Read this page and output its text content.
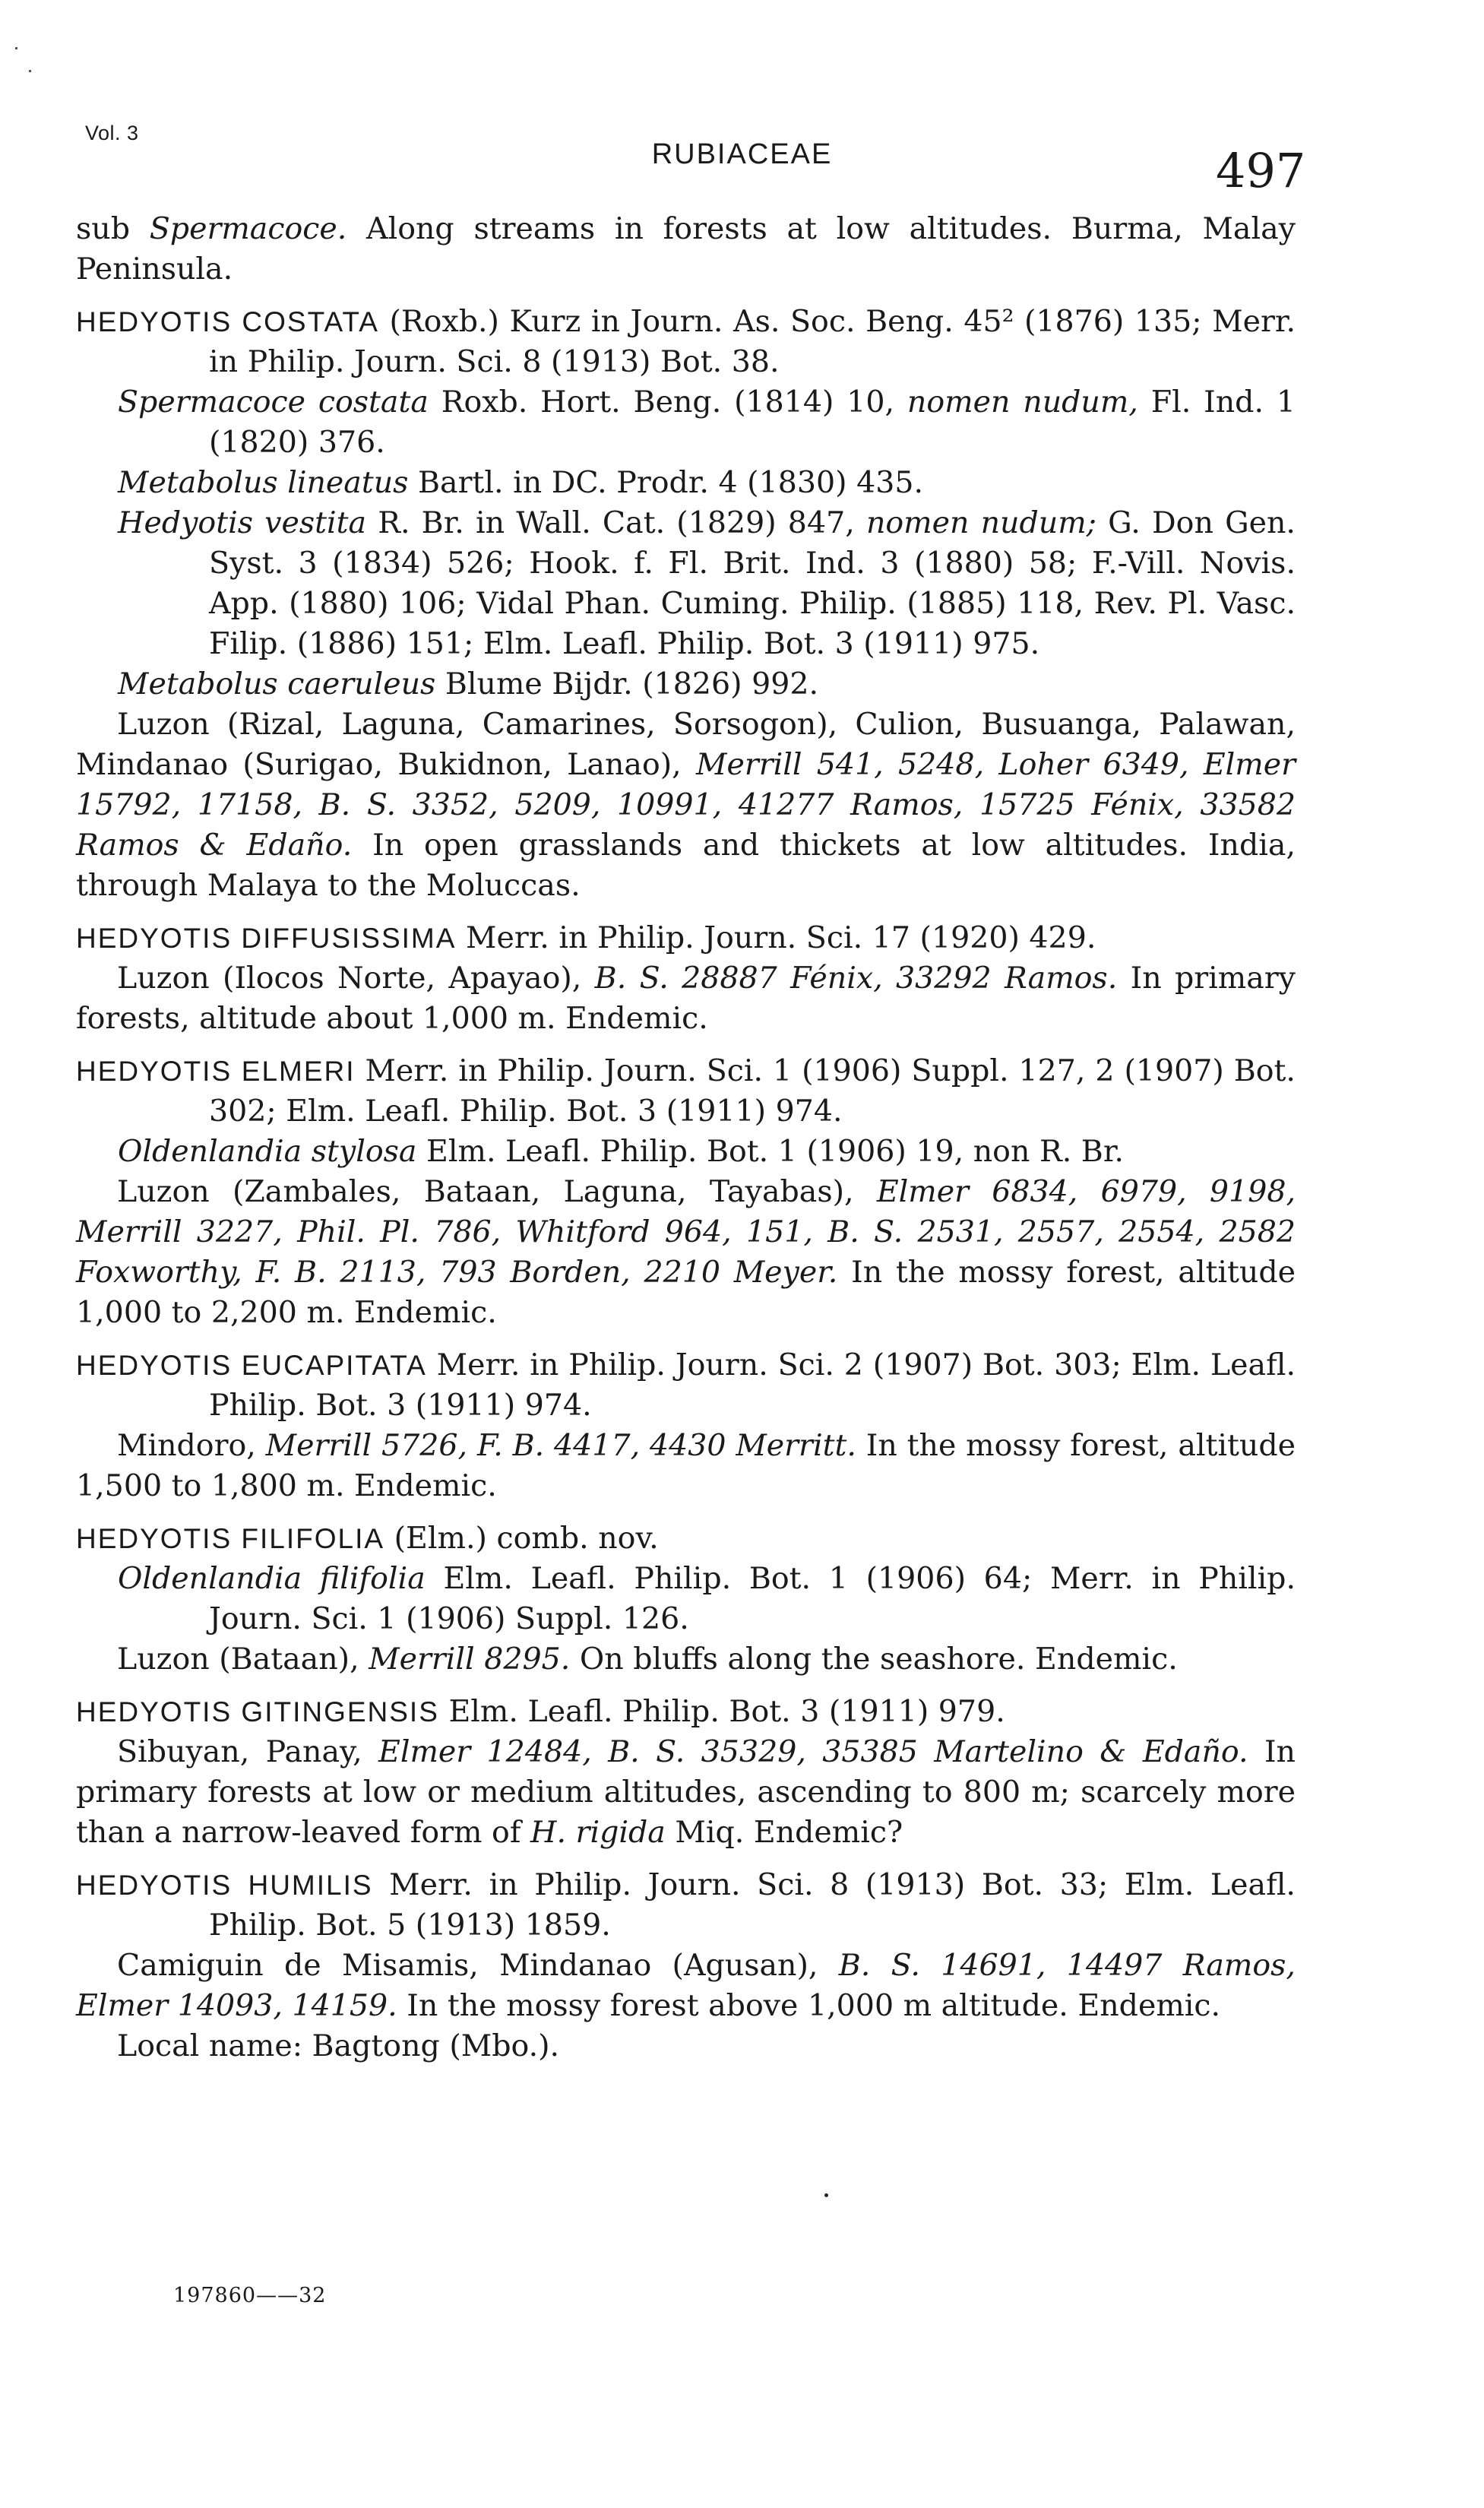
Vol. 3
RUBIACEAE	497

sub Spermacoce. Along streams in forests at low altitudes. Burma, Malay Peninsula.

HEDYOTIS COSTATA (Roxb.) Kurz in Journ. As. Soc. Beng. 45² (1876) 135; Merr. in Philip. Journ. Sci. 8 (1913) Bot. 38.

Spermacoce costata Roxb. Hort. Beng. (1814) 10, nomen nudum, Fl. Ind. 1 (1820) 376.

Metabolus lineatus Bartl. in DC. Prodr. 4 (1830) 435.

Hedyotis vestita R. Br. in Wall. Cat. (1829) 847, nomen nudum; G. Don Gen. Syst. 3 (1834) 526; Hook. f. Fl. Brit. Ind. 3 (1880) 58; F.-Vill. Novis. App. (1880) 106; Vidal Phan. Cuming. Philip. (1885) 118, Rev. Pl. Vasc. Filip. (1886) 151; Elm. Leafl. Philip. Bot. 3 (1911) 975.

Metabolus caeruleus Blume Bijdr. (1826) 992.

Luzon (Rizal, Laguna, Camarines, Sorsogon), Culion, Busuanga, Palawan, Mindanao (Surigao, Bukidnon, Lanao), Merrill 541, 5248, Loher 6349, Elmer 15792, 17158, B. S. 3352, 5209, 10991, 41277 Ramos, 15725 Fénix, 33582 Ramos & Edaño. In open grasslands and thickets at low altitudes. India, through Malaya to the Moluccas.

HEDYOTIS DIFFUSISSIMA Merr. in Philip. Journ. Sci. 17 (1920) 429.

Luzon (Ilocos Norte, Apayao), B. S. 28887 Fénix, 33292 Ramos. In primary forests, altitude about 1,000 m. Endemic.

HEDYOTIS ELMERI Merr. in Philip. Journ. Sci. 1 (1906) Suppl. 127, 2 (1907) Bot. 302; Elm. Leafl. Philip. Bot. 3 (1911) 974.

Oldenlandia stylosa Elm. Leafl. Philip. Bot. 1 (1906) 19, non R. Br.

Luzon (Zambales, Bataan, Laguna, Tayabas), Elmer 6834, 6979, 9198, Merrill 3227, Phil. Pl. 786, Whitford 964, 151, B. S. 2531, 2557, 2554, 2582 Foxworthy, F. B. 2113, 793 Borden, 2210 Meyer. In the mossy forest, altitude 1,000 to 2,200 m. Endemic.

HEDYOTIS EUCAPITATA Merr. in Philip. Journ. Sci. 2 (1907) Bot. 303; Elm. Leafl. Philip. Bot. 3 (1911) 974.

Mindoro, Merrill 5726, F. B. 4417, 4430 Merritt. In the mossy forest, altitude 1,500 to 1,800 m. Endemic.

HEDYOTIS FILIFOLIA (Elm.) comb. nov.

Oldenlandia filifolia Elm. Leafl. Philip. Bot. 1 (1906) 64; Merr. in Philip. Journ. Sci. 1 (1906) Suppl. 126.

Luzon (Bataan), Merrill 8295. On bluffs along the seashore. Endemic.

HEDYOTIS GITINGENSIS Elm. Leafl. Philip. Bot. 3 (1911) 979.

Sibuyan, Panay, Elmer 12484, B. S. 35329, 35385 Martelino & Edaño. In primary forests at low or medium altitudes, ascending to 800 m; scarcely more than a narrow-leaved form of H. rigida Miq. Endemic?

HEDYOTIS HUMILIS Merr. in Philip. Journ. Sci. 8 (1913) Bot. 33; Elm. Leafl. Philip. Bot. 5 (1913) 1859.

Camiguin de Misamis, Mindanao (Agusan), B. S. 14691, 14497 Ramos, Elmer 14093, 14159. In the mossy forest above 1,000 m altitude. Endemic.

Local name: Bagtong (Mbo.).

197860——32
